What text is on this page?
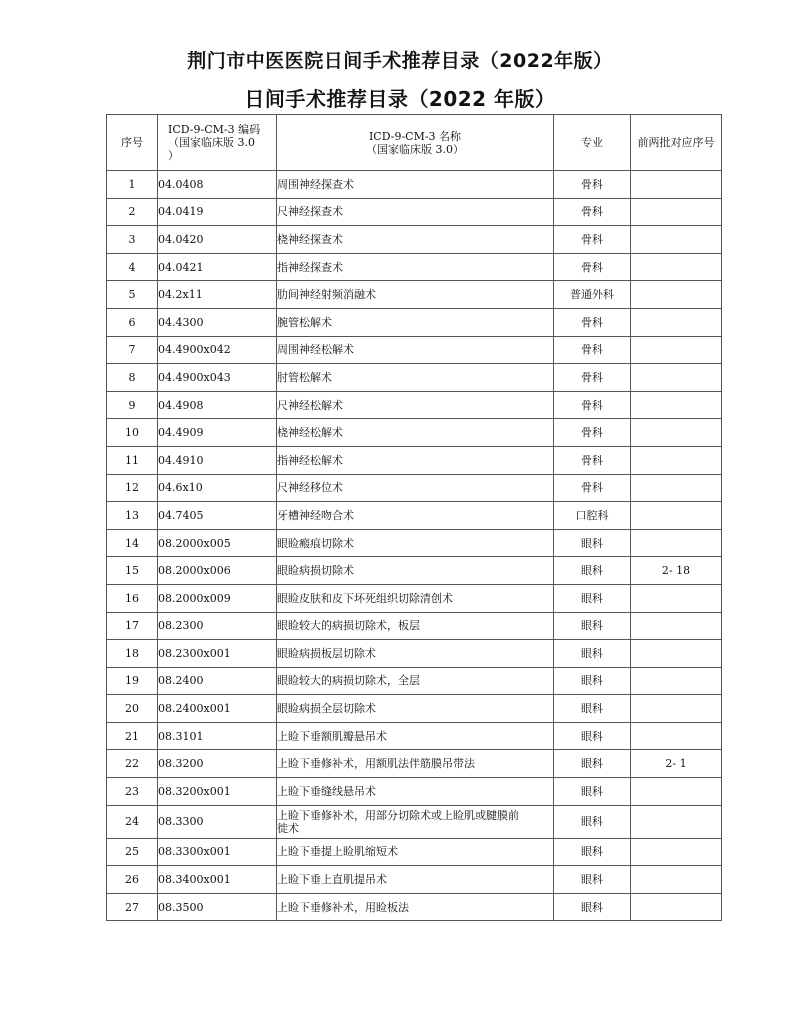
荆门市中医医院日间手术推荐目录（2022年版）
日间手术推荐目录（2022 年版）
序号	ICD-9-CM-3 编码
（国家临床版 3.0
）	ICD-9-CM-3 名称
（国家临床版 3.0）	专业	前两批对应序号
1	04.0408	周围神经探查术	骨科	
2	04.0419	尺神经探查术	骨科	
3	04.0420	桡神经探查术	骨科	
4	04.0421	指神经探查术	骨科	
5	04.2x11	肋间神经射频消融术	普通外科	
6	04.4300	腕管松解术	骨科	
7	04.4900x042	周围神经松解术	骨科	
8	04.4900x043	肘管松解术	骨科	
9	04.4908	尺神经松解术	骨科	
10	04.4909	桡神经松解术	骨科	
11	04.4910	指神经松解术	骨科	
12	04.6x10	尺神经移位术	骨科	
13	04.7405	牙槽神经吻合术	口腔科	
14	08.2000x005	眼睑瘢痕切除术	眼科	
15	08.2000x006	眼睑病损切除术	眼科	2- 18
16	08.2000x009	眼睑皮肤和皮下坏死组织切除清创术	眼科	
17	08.2300	眼睑较大的病损切除术，板层	眼科	
18	08.2300x001	眼睑病损板层切除术	眼科	
19	08.2400	眼睑较大的病损切除术，全层	眼科	
20	08.2400x001	眼睑病损全层切除术	眼科	
21	08.3101	上睑下垂额肌瓣悬吊术	眼科	
22	08.3200	上睑下垂修补术，用额肌法伴筋膜吊带法	眼科	2- 1
23	08.3200x001	上睑下垂缝线悬吊术	眼科	
24	08.3300	上睑下垂修补术，用部分切除术或上睑肌或腱膜前
徙术	眼科	
25	08.3300x001	上睑下垂提上睑肌缩短术	眼科	
26	08.3400x001	上睑下垂上直肌提吊术	眼科	
27	08.3500	上睑下垂修补术，用睑板法	眼科	
